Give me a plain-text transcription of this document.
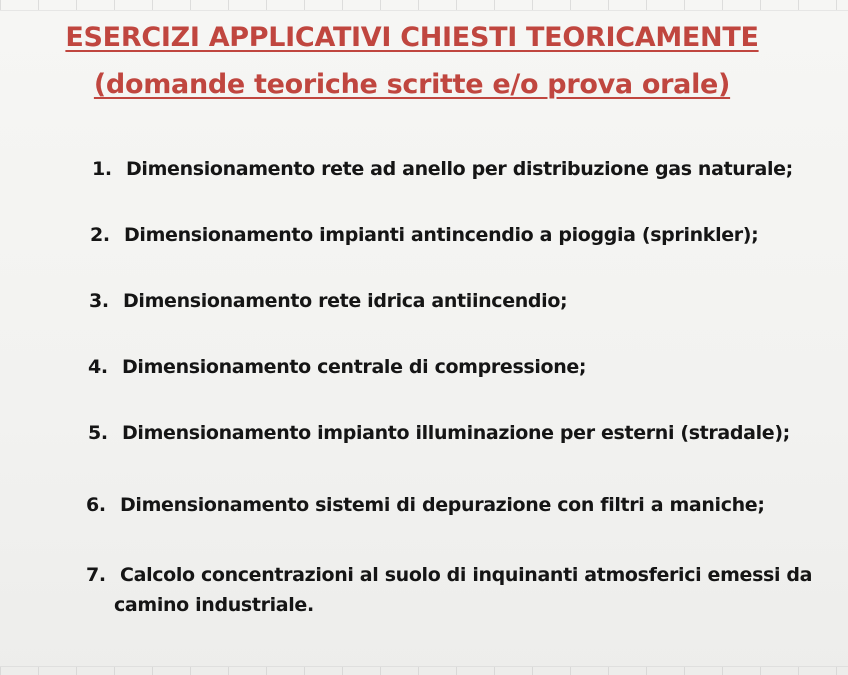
ESERCIZI APPLICATIVI CHIESTI TEORICAMENTE
(domande teoriche scritte e/o prova orale)
1. Dimensionamento rete ad anello per distribuzione gas naturale;
2. Dimensionamento impianti antincendio a pioggia (sprinkler);
3. Dimensionamento rete idrica antiincendio;
4. Dimensionamento centrale di compressione;
5. Dimensionamento impianto illuminazione per esterni (stradale);
6. Dimensionamento sistemi di depurazione con filtri a maniche;
7. Calcolo concentrazioni al suolo di inquinanti atmosferici emessi da
camino industriale.
